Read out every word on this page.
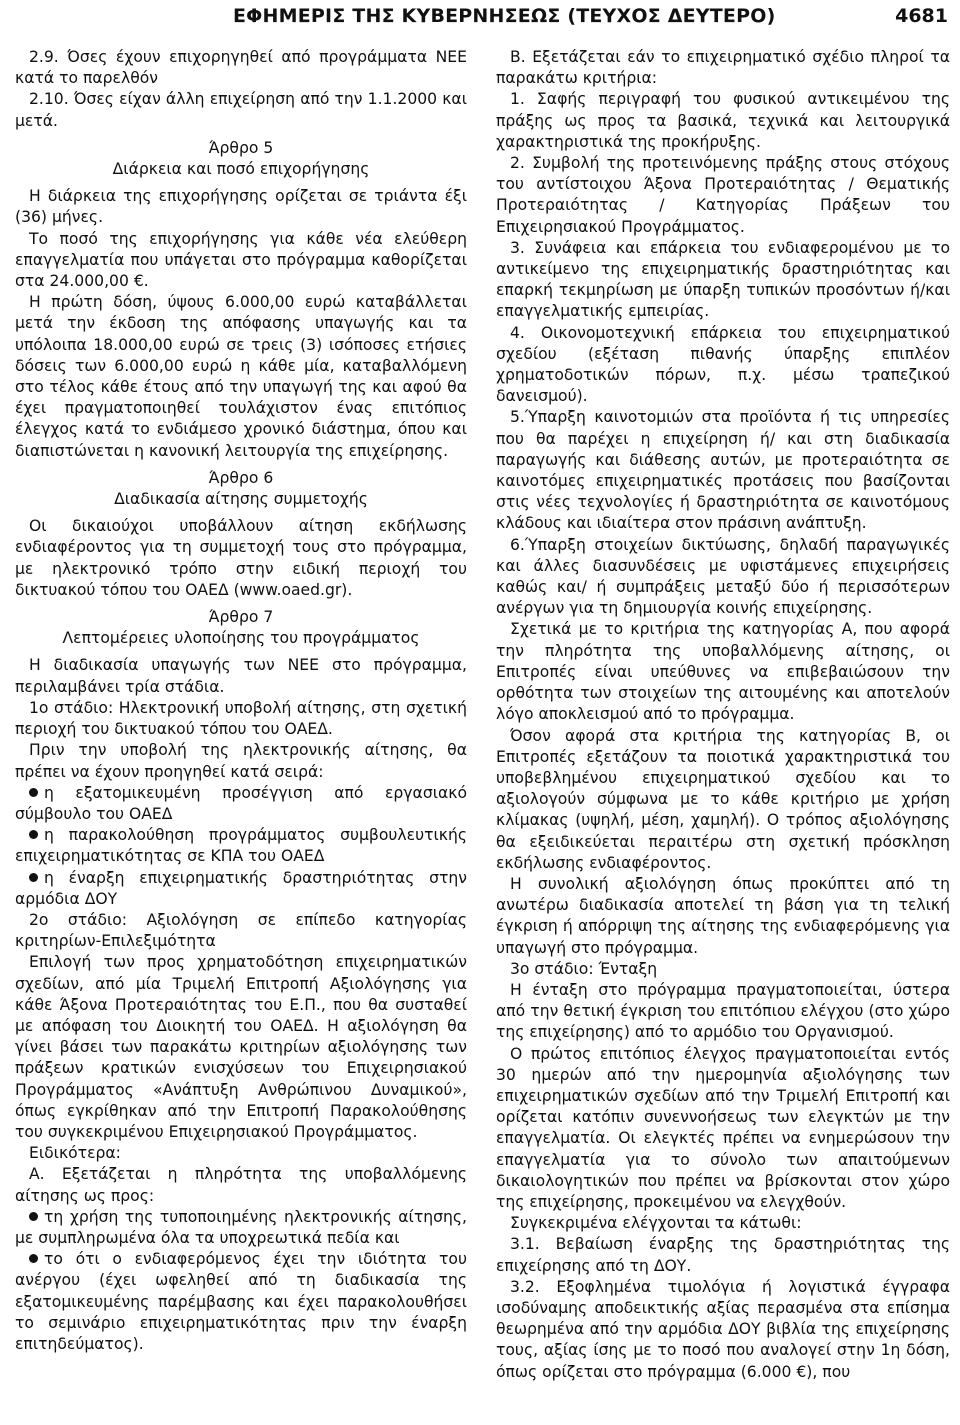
ΕΦΗΜΕΡΙΣ ΤΗΣ ΚΥΒΕΡΝΗΣΕΩΣ (ΤΕΥΧΟΣ ΔΕΥΤΕΡΟ)	4681

2.9. Όσες έχουν επιχορηγηθεί από προγράμματα ΝΕΕ κατά το παρελθόν

2.10. Όσες είχαν άλλη επιχείρηση από την 1.1.2000 και μετά.

Άρθρο 5

Διάρκεια και ποσό επιχορήγησης

Η διάρκεια της επιχορήγησης ορίζεται σε τριάντα έξι (36) μήνες.

Το ποσό της επιχορήγησης για κάθε νέα ελεύθερη επαγγελματία που υπάγεται στο πρόγραμμα καθορίζεται στα 24.000,00 €.

Η πρώτη δόση, ύψους 6.000,00 ευρώ καταβάλλεται μετά την έκδοση της απόφασης υπαγωγής και τα υπόλοιπα 18.000,00 ευρώ σε τρεις (3) ισόποσες ετήσιες δόσεις των 6.000,00 ευρώ η κάθε μία, καταβαλλόμενη στο τέλος κάθε έτους από την υπαγωγή της και αφού θα έχει πραγματοποιηθεί τουλάχιστον ένας επιτόπιος έλεγχος κατά το ενδιάμεσο χρονικό διάστημα, όπου και διαπιστώνεται η κανονική λειτουργία της επιχείρησης.

Άρθρο 6

Διαδικασία αίτησης συμμετοχής

Οι δικαιούχοι υποβάλλουν αίτηση εκδήλωσης ενδιαφέροντος για τη συμμετοχή τους στο πρόγραμμα, με ηλεκτρονικό τρόπο στην ειδική περιοχή του δικτυακού τόπου του ΟΑΕΔ (www.oaed.gr).

Άρθρο 7

Λεπτομέρειες υλοποίησης του προγράμματος

Η διαδικασία υπαγωγής των ΝΕΕ στο πρόγραμμα, περιλαμβάνει τρία στάδια.

1ο στάδιο: Ηλεκτρονική υποβολή αίτησης, στη σχετική περιοχή του δικτυακού τόπου του ΟΑΕΔ.

Πριν την υποβολή της ηλεκτρονικής αίτησης, θα πρέπει να έχουν προηγηθεί κατά σειρά:

η εξατομικευμένη προσέγγιση από εργασιακό σύμβουλο του ΟΑΕΔ

η παρακολούθηση προγράμματος συμβουλευτικής επιχειρηματικότητας σε ΚΠΑ του ΟΑΕΔ

η έναρξη επιχειρηματικής δραστηριότητας στην αρμόδια ΔΟΥ

2ο στάδιο: Αξιολόγηση σε επίπεδο κατηγορίας κριτηρίων-Επιλεξιμότητα

Επιλογή των προς χρηματοδότηση επιχειρηματικών σχεδίων, από μία Τριμελή Επιτροπή Αξιολόγησης για κάθε Άξονα Προτεραιότητας του Ε.Π., που θα συσταθεί με απόφαση του Διοικητή του ΟΑΕΔ. Η αξιολόγηση θα γίνει βάσει των παρακάτω κριτηρίων αξιολόγησης των πράξεων κρατικών ενισχύσεων του Επιχειρησιακού Προγράμματος «Ανάπτυξη Ανθρώπινου Δυναμικού», όπως εγκρίθηκαν από την Επιτροπή Παρακολούθησης του συγκεκριμένου Επιχειρησιακού Προγράμματος.

Ειδικότερα:

Α. Εξετάζεται η πληρότητα της υποβαλλόμενης αίτησης ως προς:

τη χρήση της τυποποιημένης ηλεκτρονικής αίτησης, με συμπληρωμένα όλα τα υποχρεωτικά πεδία και

το ότι ο ενδιαφερόμενος έχει την ιδιότητα του ανέργου (έχει ωφεληθεί από τη διαδικασία της εξατομικευμένης παρέμβασης και έχει παρακολουθήσει το σεμινάριο επιχειρηματικότητας πριν την έναρξη επιτηδεύματος).

Β. Εξετάζεται εάν το επιχειρηματικό σχέδιο πληροί τα παρακάτω κριτήρια:

1. Σαφής περιγραφή του φυσικού αντικειμένου της πράξης ως προς τα βασικά, τεχνικά και λειτουργικά χαρακτηριστικά της προκήρυξης.

2. Συμβολή της προτεινόμενης πράξης στους στόχους του αντίστοιχου Άξονα Προτεραιότητας / Θεματικής Προτεραιότητας / Κατηγορίας Πράξεων του Επιχειρησιακού Προγράμματος.

3. Συνάφεια και επάρκεια του ενδιαφερομένου με το αντικείμενο της επιχειρηματικής δραστηριότητας και επαρκή τεκμηρίωση με ύπαρξη τυπικών προσόντων ή/και επαγγελματικής εμπειρίας.

4. Οικονομοτεχνική επάρκεια του επιχειρηματικού σχεδίου (εξέταση πιθανής ύπαρξης επιπλέον χρηματοδοτικών πόρων, π.χ. μέσω τραπεζικού δανεισμού).

5.Ύπαρξη καινοτομιών στα προϊόντα ή τις υπηρεσίες που θα παρέχει η επιχείρηση ή/ και στη διαδικασία παραγωγής και διάθεσης αυτών, με προτεραιότητα σε καινοτόμες επιχειρηματικές προτάσεις που βασίζονται στις νέες τεχνολογίες ή δραστηριότητα σε καινοτόμους κλάδους και ιδιαίτερα στον πράσινη ανάπτυξη.

6.Ύπαρξη στοιχείων δικτύωσης, δηλαδή παραγωγικές και άλλες διασυνδέσεις με υφιστάμενες επιχειρήσεις καθώς και/ ή συμπράξεις μεταξύ δύο ή περισσότερων ανέργων για τη δημιουργία κοινής επιχείρησης.

Σχετικά με το κριτήρια της κατηγορίας Α, που αφορά την πληρότητα της υποβαλλόμενης αίτησης, οι Επιτροπές είναι υπεύθυνες να επιβεβαιώσουν την ορθότητα των στοιχείων της αιτουμένης και αποτελούν λόγο αποκλεισμού από το πρόγραμμα.

Όσον αφορά στα κριτήρια της κατηγορίας Β, οι Επιτροπές εξετάζουν τα ποιοτικά χαρακτηριστικά του υποβεβλημένου επιχειρηματικού σχεδίου και το αξιολογούν σύμφωνα με το κάθε κριτήριο με χρήση κλίμακας (υψηλή, μέση, χαμηλή). Ο τρόπος αξιολόγησης θα εξειδικεύεται περαιτέρω στη σχετική πρόσκληση εκδήλωσης ενδιαφέροντος.

Η συνολική αξιολόγηση όπως προκύπτει από τη ανωτέρω διαδικασία αποτελεί τη βάση για τη τελική έγκριση ή απόρριψη της αίτησης της ενδιαφερόμενης για υπαγωγή στο πρόγραμμα.

3ο στάδιο: Ένταξη

Η ένταξη στο πρόγραμμα πραγματοποιείται, ύστερα από την θετική έγκριση του επιτόπιου ελέγχου (στο χώρο της επιχείρησης) από το αρμόδιο του Οργανισμού.

Ο πρώτος επιτόπιος έλεγχος πραγματοποιείται εντός 30 ημερών από την ημερομηνία αξιολόγησης των επιχειρηματικών σχεδίων από την Τριμελή Επιτροπή και ορίζεται κατόπιν συνεννοήσεως των ελεγκτών με την επαγγελματία. Οι ελεγκτές πρέπει να ενημερώσουν την επαγγελματία για το σύνολο των απαιτούμενων δικαιολογητικών που πρέπει να βρίσκονται στον χώρο της επιχείρησης, προκειμένου να ελεγχθούν.

Συγκεκριμένα ελέγχονται τα κάτωθι:

3.1. Βεβαίωση έναρξης της δραστηριότητας της επιχείρησης από τη ΔΟΥ.

3.2. Εξοφλημένα τιμολόγια ή λογιστικά έγγραφα ισοδύναμης αποδεικτικής αξίας περασμένα στα επίσημα θεωρημένα από την αρμόδια ΔΟΥ βιβλία της επιχείρησης τους, αξίας ίσης με το ποσό που αναλογεί στην 1η δόση, όπως ορίζεται στο πρόγραμμα (6.000 €), που
